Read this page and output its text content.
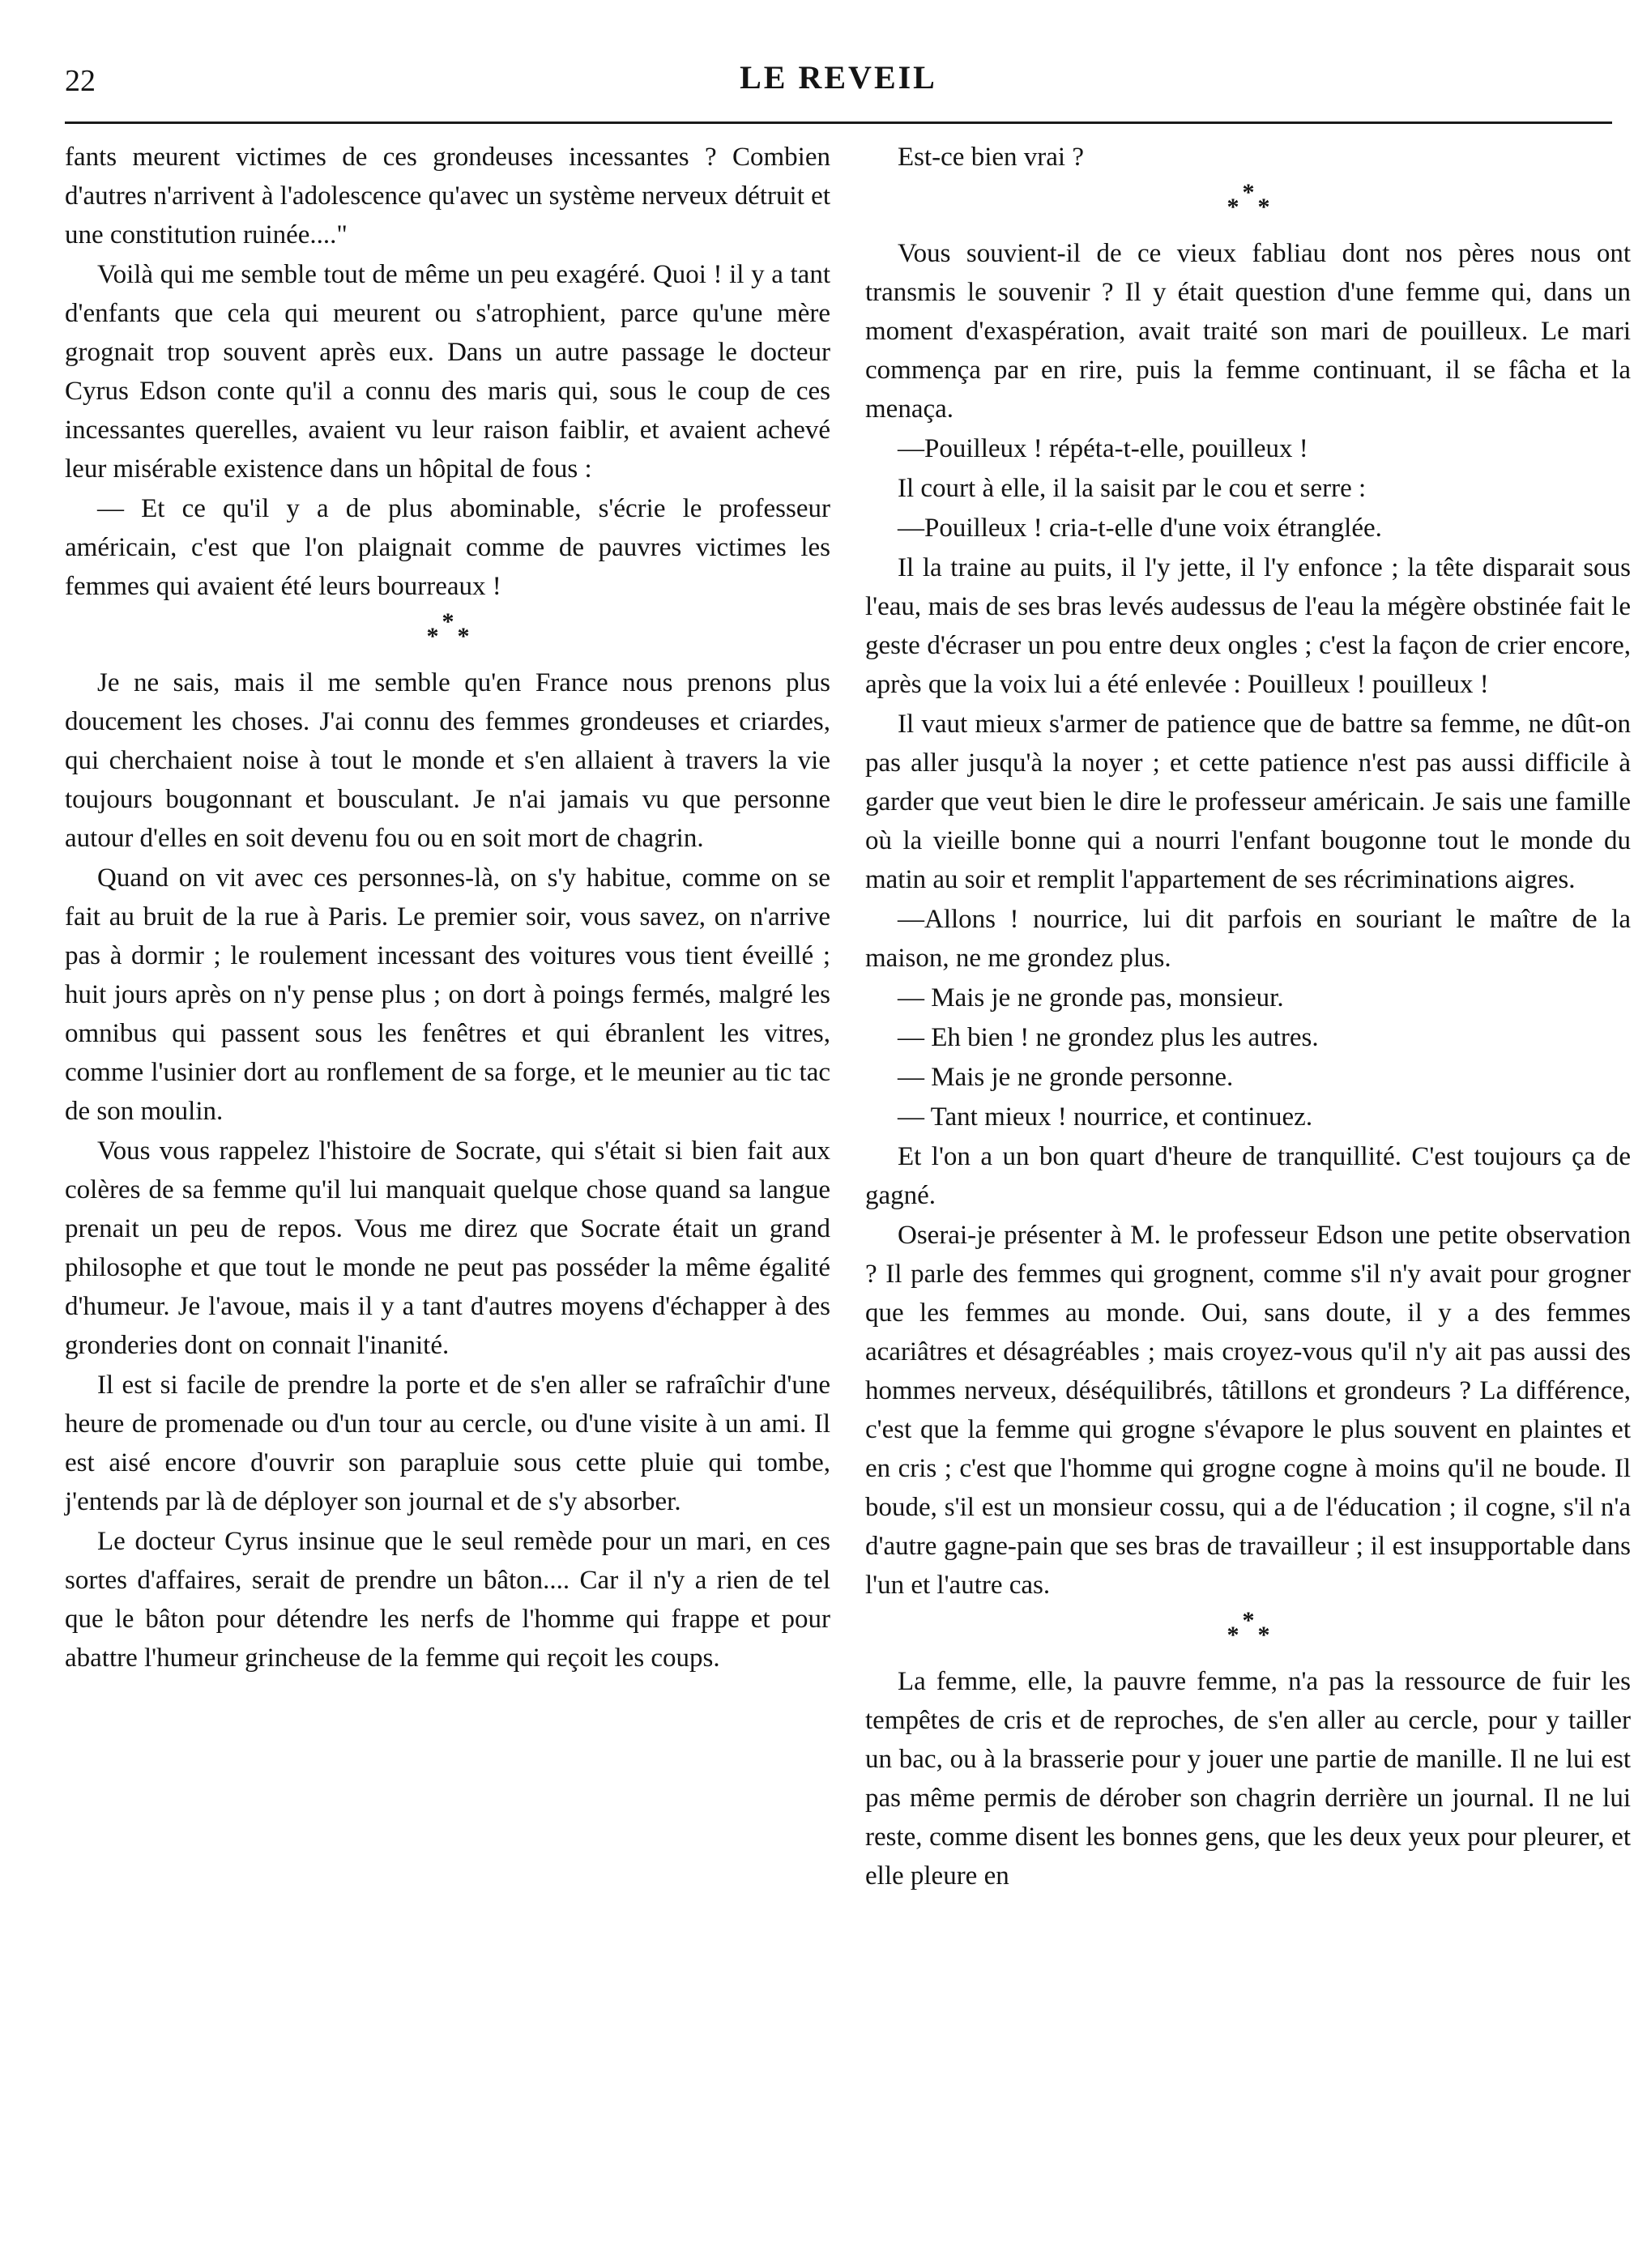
22	LE REVEIL

fants meurent victimes de ces grondeuses incessantes ? Combien d'autres n'arrivent à l'adolescence qu'avec un système nerveux détruit et une constitution ruinée...."

Voilà qui me semble tout de même un peu exagéré. Quoi ! il y a tant d'enfants que cela qui meurent ou s'atrophient, parce qu'une mère grognait trop souvent après eux. Dans un autre passage le docteur Cyrus Edson conte qu'il a connu des maris qui, sous le coup de ces incessantes querelles, avaient vu leur raison faiblir, et avaient achevé leur misérable existence dans un hôpital de fous :

— Et ce qu'il y a de plus abominable, s'écrie le professeur américain, c'est que l'on plaignait comme de pauvres victimes les femmes qui avaient été leurs bourreaux !

*
* *

Je ne sais, mais il me semble qu'en France nous prenons plus doucement les choses. J'ai connu des femmes grondeuses et criardes, qui cherchaient noise à tout le monde et s'en allaient à travers la vie toujours bougonnant et bousculant. Je n'ai jamais vu que personne autour d'elles en soit devenu fou ou en soit mort de chagrin.

Quand on vit avec ces personnes-là, on s'y habitue, comme on se fait au bruit de la rue à Paris. Le premier soir, vous savez, on n'arrive pas à dormir ; le roulement incessant des voitures vous tient éveillé ; huit jours après on n'y pense plus ; on dort à poings fermés, malgré les omnibus qui passent sous les fenêtres et qui ébranlent les vitres, comme l'usinier dort au ronflement de sa forge, et le meunier au tic tac de son moulin.

Vous vous rappelez l'histoire de Socrate, qui s'était si bien fait aux colères de sa femme qu'il lui manquait quelque chose quand sa langue prenait un peu de repos. Vous me direz que Socrate était un grand philosophe et que tout le monde ne peut pas posséder la même égalité d'humeur. Je l'avoue, mais il y a tant d'autres moyens d'échapper à des gronderies dont on connait l'inanité.

Il est si facile de prendre la porte et de s'en aller se rafraîchir d'une heure de promenade ou d'un tour au cercle, ou d'une visite à un ami. Il est aisé encore d'ouvrir son parapluie sous cette pluie qui tombe, j'entends par là de déployer son journal et de s'y absorber.

Le docteur Cyrus insinue que le seul remède pour un mari, en ces sortes d'affaires, serait de prendre un bâton.... Car il n'y a rien de tel que le bâton pour détendre les nerfs de l'homme qui frappe et pour abattre l'humeur grincheuse de la femme qui reçoit les coups.

Est-ce bien vrai ?

*
* *

Vous souvient-il de ce vieux fabliau dont nos pères nous ont transmis le souvenir ? Il y était question d'une femme qui, dans un moment d'exaspération, avait traité son mari de pouilleux. Le mari commença par en rire, puis la femme continuant, il se fâcha et la menaça.

—Pouilleux ! répéta-t-elle, pouilleux !

Il court à elle, il la saisit par le cou et serre :

—Pouilleux ! cria-t-elle d'une voix étranglée.

Il la traine au puits, il l'y jette, il l'y enfonce ; la tête disparait sous l'eau, mais de ses bras levés audessus de l'eau la mégère obstinée fait le geste d'écraser un pou entre deux ongles ; c'est la façon de crier encore, après que la voix lui a été enlevée : Pouilleux ! pouilleux !

Il vaut mieux s'armer de patience que de battre sa femme, ne dût-on pas aller jusqu'à la noyer ; et cette patience n'est pas aussi difficile à garder que veut bien le dire le professeur américain. Je sais une famille où la vieille bonne qui a nourri l'enfant bougonne tout le monde du matin au soir et remplit l'appartement de ses récriminations aigres.

—Allons ! nourrice, lui dit parfois en souriant le maître de la maison, ne me grondez plus.

— Mais je ne gronde pas, monsieur.

— Eh bien ! ne grondez plus les autres.

— Mais je ne gronde personne.

— Tant mieux ! nourrice, et continuez.

Et l'on a un bon quart d'heure de tranquillité. C'est toujours ça de gagné.

Oserai-je présenter à M. le professeur Edson une petite observation ? Il parle des femmes qui grognent, comme s'il n'y avait pour grogner que les femmes au monde. Oui, sans doute, il y a des femmes acariâtres et désagréables ; mais croyez-vous qu'il n'y ait pas aussi des hommes nerveux, déséquilibrés, tâtillons et grondeurs ? La différence, c'est que la femme qui grogne s'évapore le plus souvent en plaintes et en cris ; c'est que l'homme qui grogne cogne à moins qu'il ne boude. Il boude, s'il est un monsieur cossu, qui a de l'éducation ; il cogne, s'il n'a d'autre gagne-pain que ses bras de travailleur ; il est insupportable dans l'un et l'autre cas.

*
* *

La femme, elle, la pauvre femme, n'a pas la ressource de fuir les tempêtes de cris et de reproches, de s'en aller au cercle, pour y tailler un bac, ou à la brasserie pour y jouer une partie de manille. Il ne lui est pas même permis de dérober son chagrin derrière un journal. Il ne lui reste, comme disent les bonnes gens, que les deux yeux pour pleurer, et elle pleure en
